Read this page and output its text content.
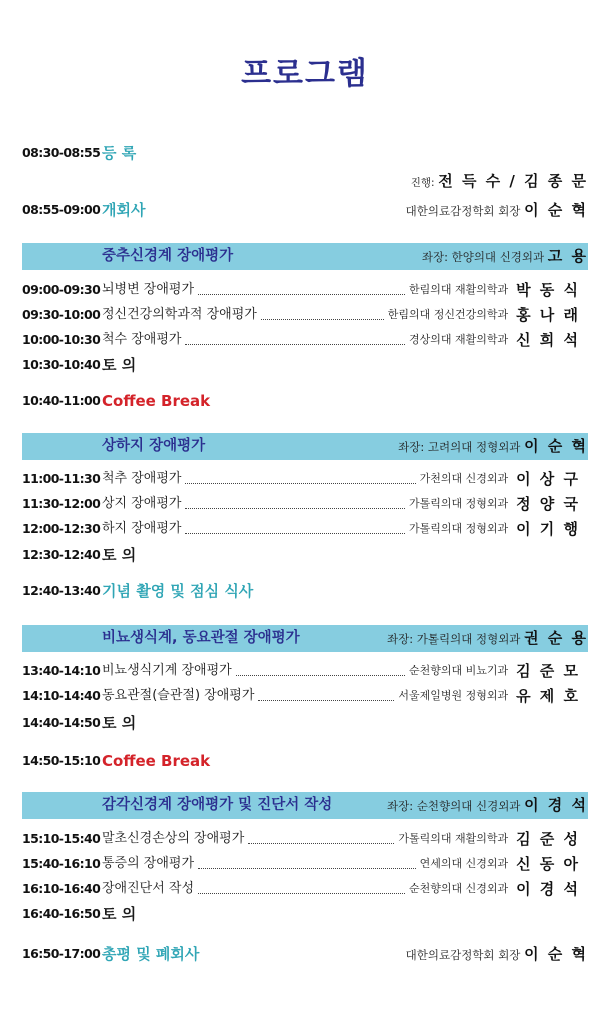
프로그램
08:30-08:55 등 록
진행: 전 득 수 / 김 종 문
08:55-09:00 개회사	대한의료감정학회 회장 이 순 혁
중추신경계 장애평가	좌장: 한양의대 신경외과 고 용
09:00-09:30 뇌병변 장애평가	한림의대 재활의학과 박 동 식
09:30-10:00 정신건강의학과적 장애평가	한림의대 정신건강의학과 홍 나 래
10:00-10:30 척수 장애평가	경상의대 재활의학과 신 희 석
10:30-10:40 토 의
10:40-11:00 Coffee Break
상하지 장애평가	좌장: 고려의대 정형외과 이 순 혁
11:00-11:30 척추 장애평가	가천의대 신경외과 이 상 구
11:30-12:00 상지 장애평가	가톨릭의대 정형외과 정 양 국
12:00-12:30 하지 장애평가	가톨릭의대 정형외과 이 기 행
12:30-12:40 토 의
12:40-13:40 기념 촬영 및 점심 식사
비뇨생식계, 동요관절 장애평가	좌장: 가톨릭의대 정형외과 권 순 용
13:40-14:10 비뇨생식기계 장애평가	순천향의대 비뇨기과 김 준 모
14:10-14:40 동요관절(슬관절) 장애평가	서울제일병원 정형외과 유 제 호
14:40-14:50 토 의
14:50-15:10 Coffee Break
감각신경계 장애평가 및 진단서 작성	좌장: 순천향의대 신경외과 이 경 석
15:10-15:40 말초신경손상의 장애평가	가톨릭의대 재활의학과 김 준 성
15:40-16:10 통증의 장애평가	연세의대 신경외과 신 동 아
16:10-16:40 장애진단서 작성	순천향의대 신경외과 이 경 석
16:40-16:50 토 의
16:50-17:00 총평 및 폐회사	대한의료감정학회 회장 이 순 혁
